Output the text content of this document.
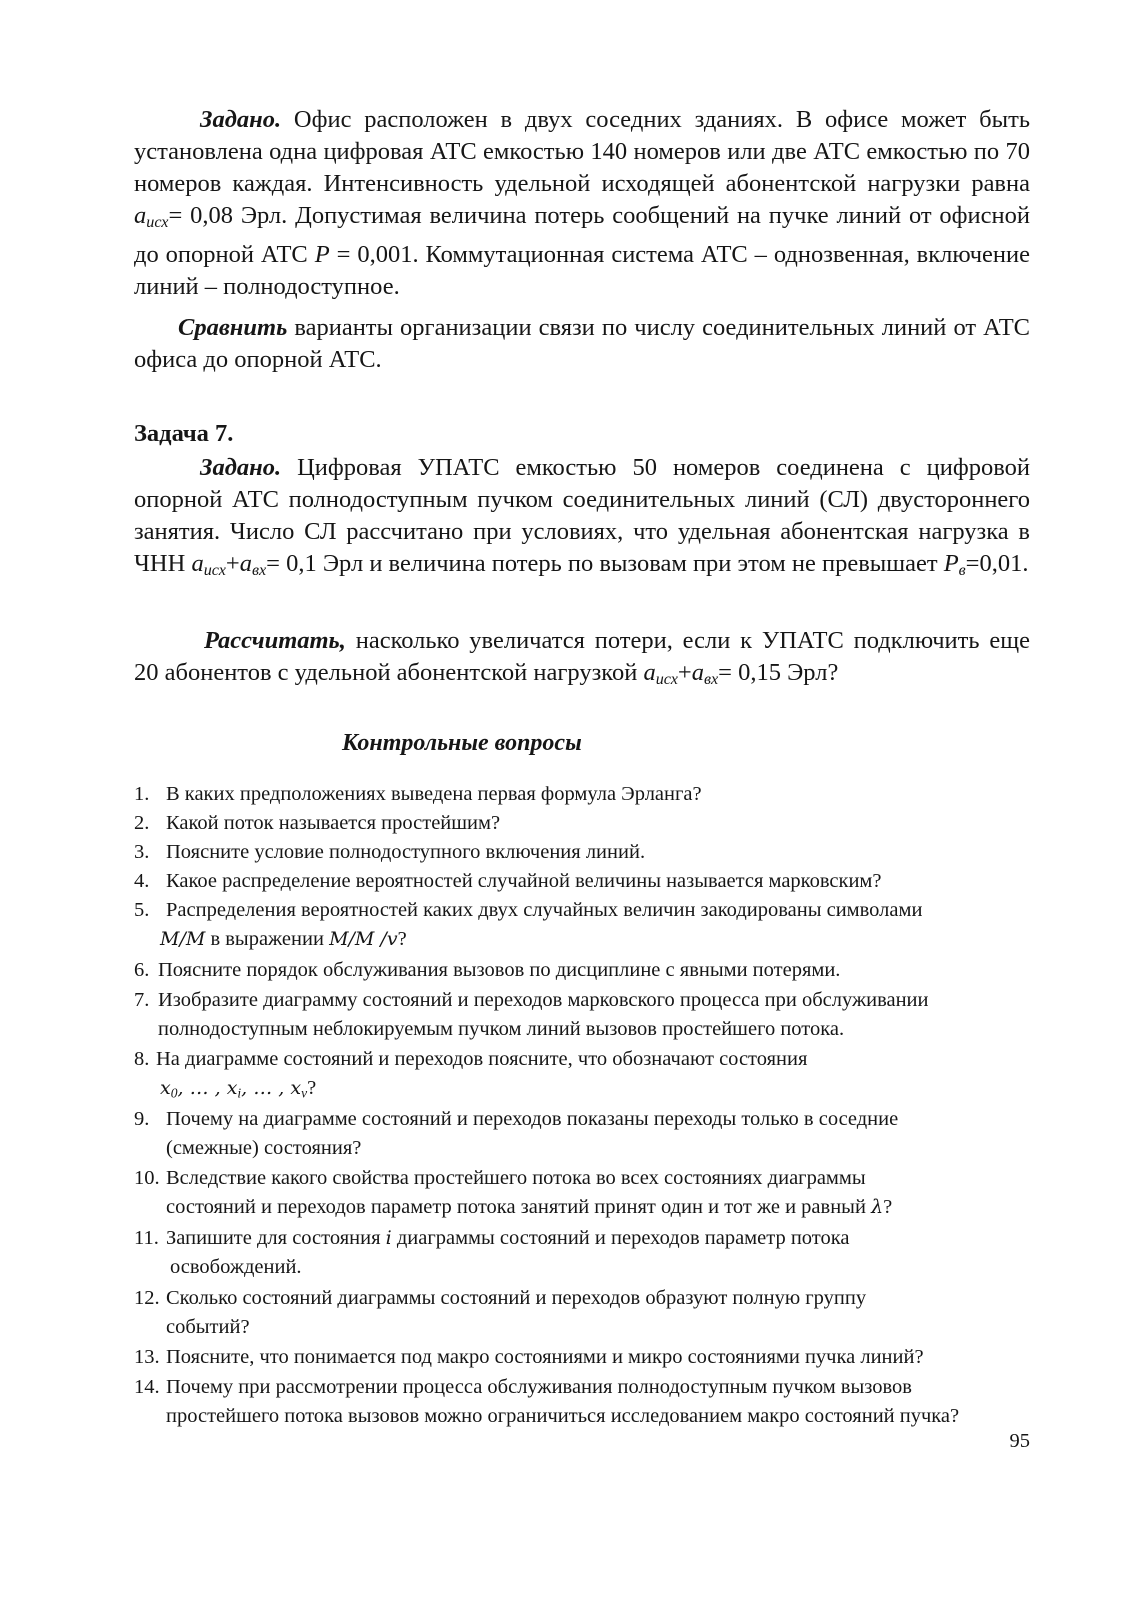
Задано. Офис расположен в двух соседних зданиях. В офисе может быть установлена одна цифровая АТС емкостью 140 номеров или две АТС емкостью по 70 номеров каждая. Интенсивность удельной исходящей абонентской нагрузки равна $a_{исх}= 0,08$ Эрл. Допустимая величина потерь сообщений на пучке линий от офисной до опорной АТС P = 0,001. Коммутационная система АТС – однозвенная, включение линий – полнодоступное.

Сравнить варианты организации связи по числу соединительных линий от АТС офиса до опорной АТС.

Задача 7.

Задано. Цифровая УПАТС емкостью 50 номеров соединена с цифровой опорной АТС полнодоступным пучком соединительных линий (СЛ) двустороннего занятия. Число СЛ рассчитано при условиях, что удельная абонентская нагрузка в ЧНН $a_{исх}+a_{вх}= 0,1$ Эрл и величина потерь по вызовам при этом не превышает $P_в=0,01$.

Рассчитать, насколько увеличатся потери, если к УПАТС подключить еще 20 абонентов с удельной абонентской нагрузкой $a_{исх}+a_{вх}= 0,15$ Эрл?

Контрольные вопросы

1. В каких предположениях выведена первая формула Эрланга?

2. Какой поток называется простейшим?

3. Поясните условие полнодоступного включения линий.

4. Какое распределение вероятностей случайной величины называется марковским?

5. Распределения вероятностей каких двух случайных величин закодированы символами
M/M в выражении M/M /v?

6. Поясните порядок обслуживания вызовов по дисциплине с явными потерями.

7. Изобразите диаграмму состояний и переходов марковского процесса при обслуживании
полнодоступным неблокируемым пучком линий вызовов простейшего потока.

8. На диаграмме состояний и переходов поясните, что обозначают состояния
$x_0$, … , $x_i$, … , $x_v$?

9. Почему на диаграмме состояний и переходов показаны переходы только в соседние
(смежные) состояния?

10. Вследствие какого свойства простейшего потока во всех состояниях диаграммы
состояний и переходов параметр потока занятий принят один и тот же и равный λ?

11. Запишите для состояния i диаграммы состояний и переходов параметр потока
освобождений.

12. Сколько состояний диаграммы состояний и переходов образуют полную группу
событий?

13. Поясните, что понимается под макро состояниями и микро состояниями пучка линий?

14. Почему при рассмотрении процесса обслуживания полнодоступным пучком вызовов
простейшего потока вызовов можно ограничиться исследованием макро состояний пучка?

95
